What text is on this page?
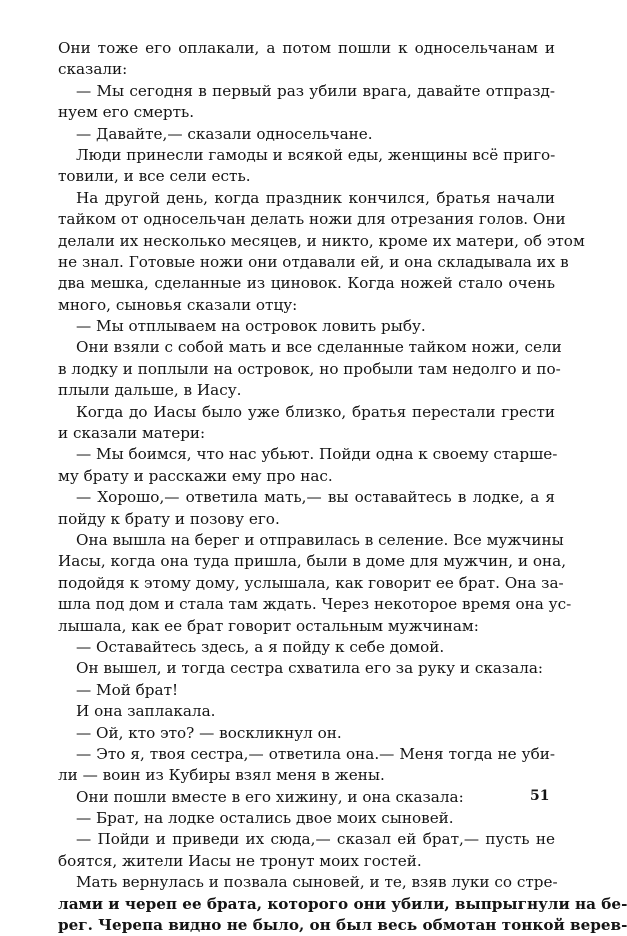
Они тоже его оплакали, а потом пошли к односельчанам и
сказали:
— Мы сегодня в первый раз убили врага, давайте отпразд-
нуем его смерть.
— Давайте,— сказали односельчане.
Люди принесли гамоды и всякой еды, женщины всё приго-
товили, и все сели есть.
На другой день, когда праздник кончился, братья начали
тайком от односельчан делать ножи для отрезания голов. Они
делали их несколько месяцев, и никто, кроме их матери, об этом
не знал. Готовые ножи они отдавали ей, и она складывала их в
два мешка, сделанные из циновок. Когда ножей стало очень
много, сыновья сказали отцу:
— Мы отплываем на островок ловить рыбу.
Они взяли с собой мать и все сделанные тайком ножи, сели
в лодку и поплыли на островок, но пробыли там недолго и по-
плыли дальше, в Иасу.
Когда до Иасы было уже близко, братья перестали грести
и сказали матери:
— Мы боимся, что нас убьют. Пойди одна к своему старше-
му брату и расскажи ему про нас.
— Хорошо,— ответила мать,— вы оставайтесь в лодке, а я
пойду к брату и позову его.
Она вышла на берег и отправилась в селение. Все мужчины
Иасы, когда она туда пришла, были в доме для мужчин, и она,
подойдя к этому дому, услышала, как говорит ее брат. Она за-
шла под дом и стала там ждать. Через некоторое время она ус-
лышала, как ее брат говорит остальным мужчинам:
— Оставайтесь здесь, а я пойду к себе домой.
Он вышел, и тогда сестра схватила его за руку и сказала:
— Мой брат!
И она заплакала.
— Ой, кто это? — воскликнул он.
— Это я, твоя сестра,— ответила она.— Меня тогда не уби-
ли — воин из Кубиры взял меня в жены.
Они пошли вместе в его хижину, и она сказала:
— Брат, на лодке остались двое моих сыновей.
— Пойди и приведи их сюда,— сказал ей брат,— пусть не
боятся, жители Иасы не тронут моих гостей.
Мать вернулась и позвала сыновей, и те, взяв луки со стре-
лами и череп ее брата, которого они убили, выпрыгнули на бе-
рег. Черепа видно не было, он был весь обмотан тонкой верев-
51
